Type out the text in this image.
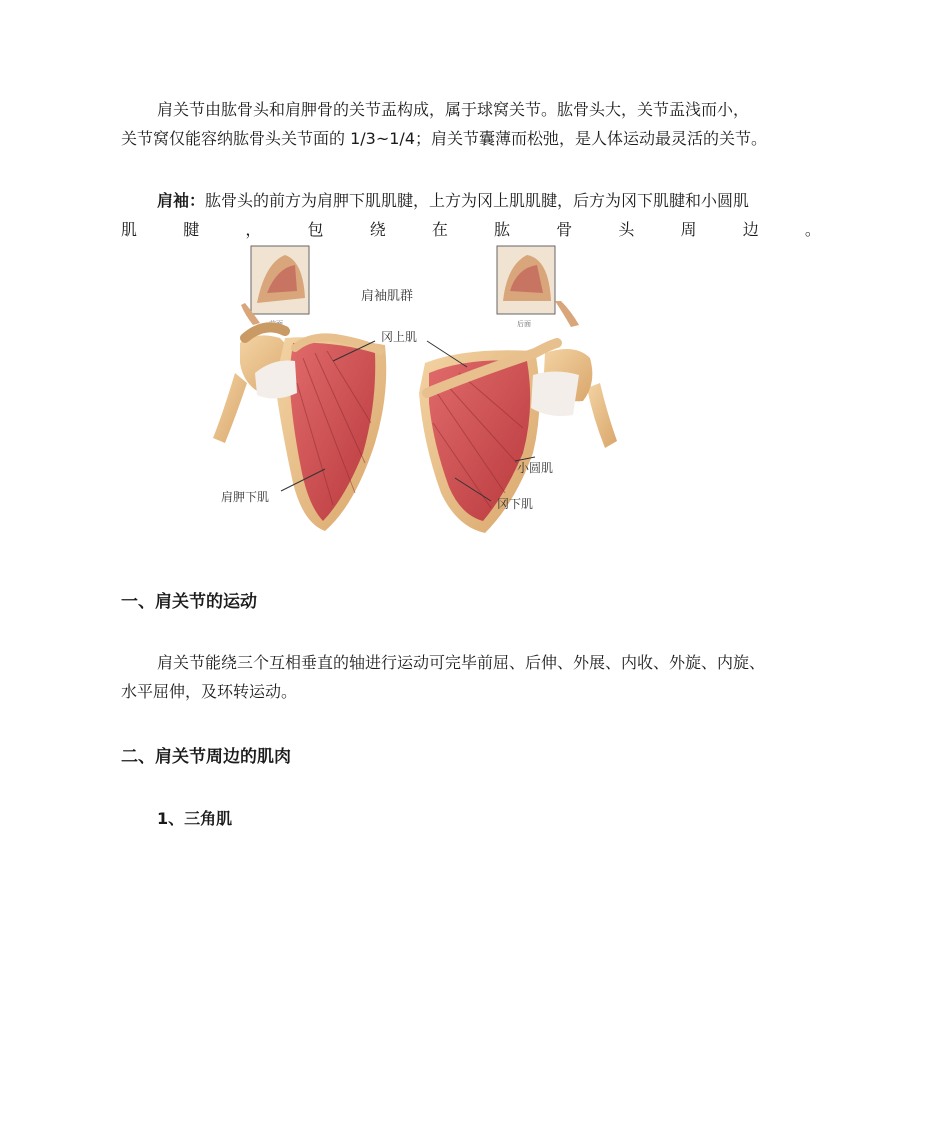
肩关节由肱骨头和肩胛骨的关节盂构成，属于球窝关节。肱骨头大，关节盂浅而小，
关节窝仅能容纳肱骨头关节面的 1/3~1/4；肩关节囊薄而松弛，是人体运动最灵活的关节。

肩袖：肱骨头的前方为肩胛下肌肌腱，上方为冈上肌肌腱，后方为冈下肌腱和小圆肌
肌	腱	，	包	绕	在	肱	骨	头	周	边	。

前面	后面
肩袖肌群
冈上肌
肩胛下肌
小圆肌
冈下肌
一、肩关节的运动

肩关节能绕三个互相垂直的轴进行运动可完毕前屈、后伸、外展、内收、外旋、内旋、
水平屈伸，及环转运动。

二、肩关节周边的肌肉
1、三角肌
